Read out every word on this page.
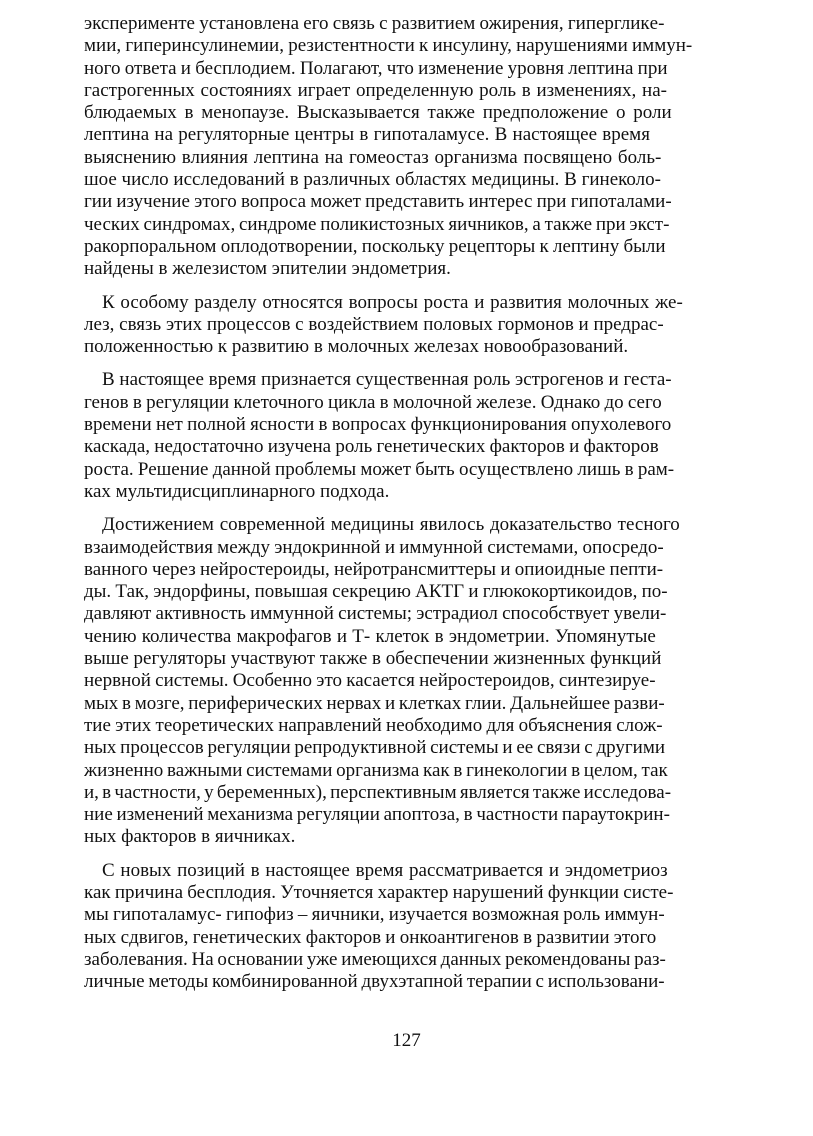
эксперименте установлена его связь с развитием ожирения, гипергликe-
мии, гиперинсулинемии, резистентности к инсулину, нарушениями иммун-
ного ответа и бесплодием. Полагают, что изменение уровня лептина при
гастрогенных состояниях играет определенную роль в изменениях, на-
блюдаемых в менопаузе. Высказывается также предположение о роли
лептина на регуляторные центры в гипоталамусе. В настоящее время
выяснению влияния лептина на гомеостаз организма посвящено боль-
шое число исследований в различных областях медицины. В гинеколо-
гии изучение этого вопроса может представить интерес при гипоталами-
ческих синдромах, синдроме поликистозных яичников, а также при экст-
ракорпоральном оплодотворении, поскольку рецепторы к лептину были
найдены в железистом эпителии эндометрия.
К особому разделу относятся вопросы роста и развития молочных же-
лез, связь этих процессов с воздействием половых гормонов и предрас-
положенностью к развитию в молочных железах новообразований.
В настоящее время признается существенная роль эстрогенов и геста-
генов в регуляции клеточного цикла в молочной железе. Однако до сего
времени нет полной ясности в вопросах функционирования опухолевого
каскада, недостаточно изучена роль генетических факторов и факторов
роста. Решение данной проблемы может быть осуществлено лишь в рам-
ках мультидисциплинарного подхода.
Достижением современной медицины явилось доказательство тесного
взаимодействия между эндокринной и иммунной системами, опосредо-
ванного через нейростероиды, нейротрансмиттеры и опиоидные пепти-
ды. Так, эндорфины, повышая секрецию АКТГ и глюкокортикоидов, по-
давляют активность иммунной системы; эстрадиол способствует увели-
чению количества макрофагов и Т- клеток в эндометрии. Упомянутые
выше регуляторы участвуют также в обеспечении жизненных функций
нервной системы. Особенно это касается нейростероидов, синтезируе-
мых в мозге, периферических нервах и клетках глии. Дальнейшее разви-
тие этих теоретических направлений необходимо для объяснения слож-
ных процессов регуляции репродуктивной системы и ее связи с другими
жизненно важными системами организма как в гинекологии в целом, так
и, в частности, у беременных), перспективным является также исследова-
ние изменений механизма регуляции апоптоза, в частности параутокрин-
ных факторов в яичниках.
С новых позиций в настоящее время рассматривается и эндометриоз
как причина бесплодия. Уточняется характер нарушений функции систе-
мы гипоталамус- гипофиз – яичники, изучается возможная роль иммун-
ных сдвигов, генетических факторов и онкоантигенов в развитии этого
заболевания. На основании уже имеющихся данных рекомендованы раз-
личные методы комбинированной двухэтапной терапии с использовани-
127
